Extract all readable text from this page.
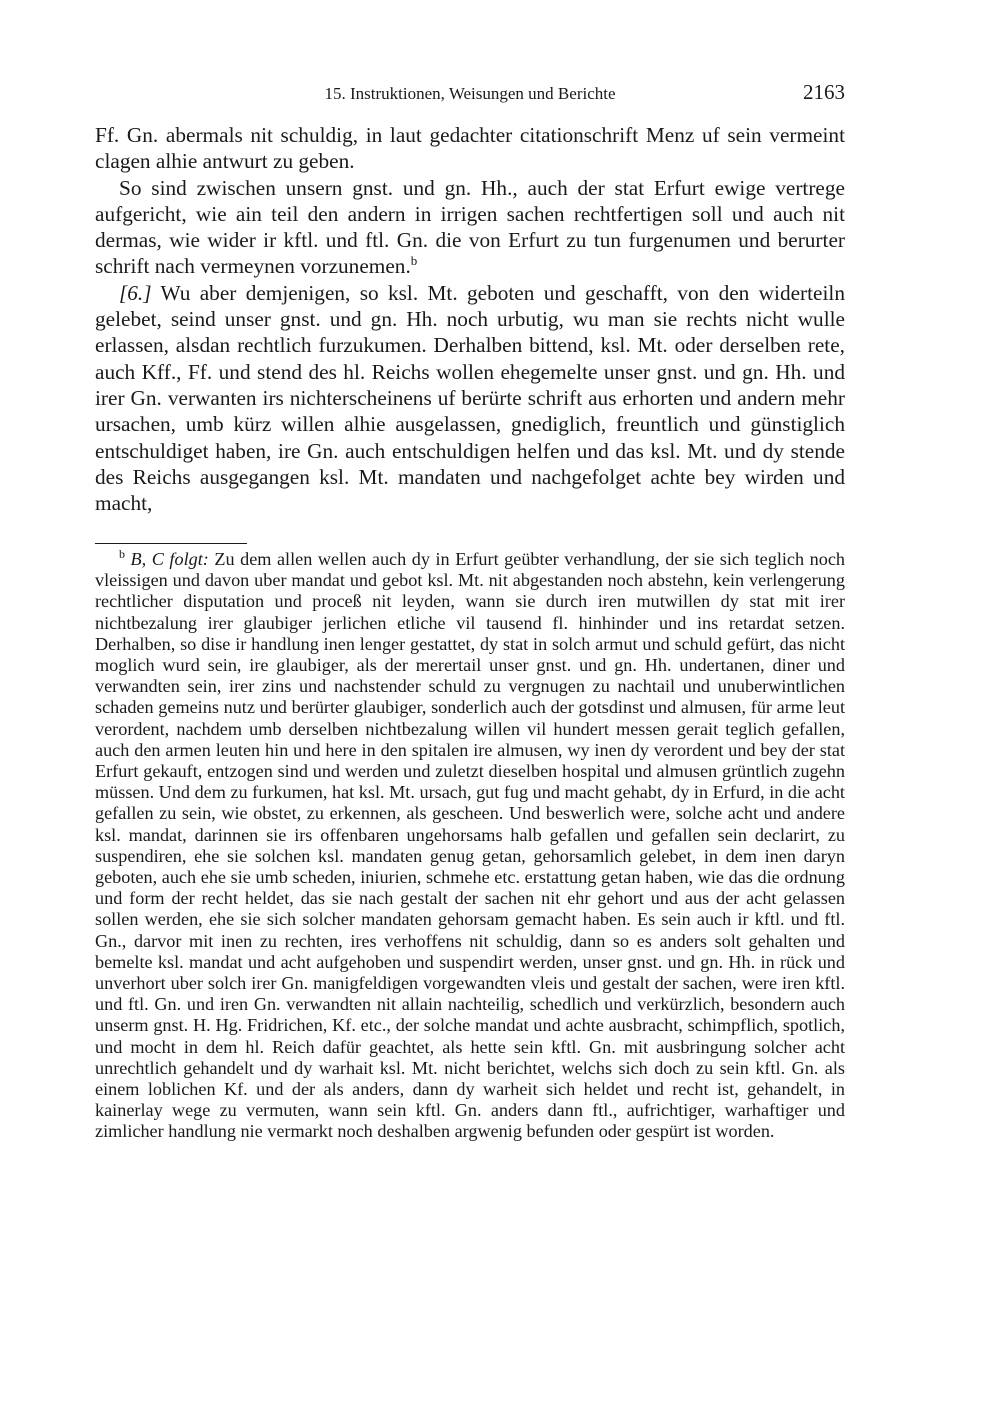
15. Instruktionen, Weisungen und Berichte	2163

Ff. Gn. abermals nit schuldig, in laut gedachter citationschrift Menz uf sein vermeint clagen alhie antwurt zu geben.

So sind zwischen unsern gnst. und gn. Hh., auch der stat Erfurt ewige vertrege aufgericht, wie ain teil den andern in irrigen sachen rechtfertigen soll und auch nit dermas, wie wider ir kftl. und ftl. Gn. die von Erfurt zu tun furgenumen und berurter schrift nach vermeynen vorzunemen.$^b$

[6.] Wu aber demjenigen, so ksl. Mt. geboten und geschafft, von den widerteiln gelebet, seind unser gnst. und gn. Hh. noch urbutig, wu man sie rechts nicht wulle erlassen, alsdan rechtlich furzukumen. Derhalben bittend, ksl. Mt. oder derselben rete, auch Kff., Ff. und stend des hl. Reichs wollen ehegemelte unser gnst. und gn. Hh. und irer Gn. verwanten irs nichterscheinens uf berürte schrift aus erhorten und andern mehr ursachen, umb kürz willen alhie ausgelassen, gnediglich, freuntlich und günstiglich entschuldiget haben, ire Gn. auch entschuldigen helfen und das ksl. Mt. und dy stende des Reichs ausgegangen ksl. Mt. mandaten und nachgefolget achte bey wirden und macht,

$^b$ B, C folgt: Zu dem allen wellen auch dy in Erfurt geübter verhandlung, der sie sich teglich noch vleissigen und davon uber mandat und gebot ksl. Mt. nit abgestanden noch abstehn, kein verlengerung rechtlicher disputation und proceß nit leyden, wann sie durch iren mutwillen dy stat mit irer nichtbezalung irer glaubiger jerlichen etliche vil tausend fl. hinhinder und ins retardat setzen. Derhalben, so dise ir handlung inen lenger gestattet, dy stat in solch armut und schuld gefürt, das nicht moglich wurd sein, ire glaubiger, als der merertail unser gnst. und gn. Hh. undertanen, diner und verwandten sein, irer zins und nachstender schuld zu vergnugen zu nachtail und unuberwintlichen schaden gemeins nutz und berürter glaubiger, sonderlich auch der gotsdinst und almusen, für arme leut verordent, nachdem umb derselben nichtbezalung willen vil hundert messen gerait teglich gefallen, auch den armen leuten hin und here in den spitalen ire almusen, wy inen dy verordent und bey der stat Erfurt gekauft, entzogen sind und werden und zuletzt dieselben hospital und almusen grüntlich zugehn müssen. Und dem zu furkumen, hat ksl. Mt. ursach, gut fug und macht gehabt, dy in Erfurd, in die acht gefallen zu sein, wie obstet, zu erkennen, als gescheen. Und beswerlich were, solche acht und andere ksl. mandat, darinnen sie irs offenbaren ungehorsams halb gefallen und gefallen sein declarirt, zu suspendiren, ehe sie solchen ksl. mandaten genug getan, gehorsamlich gelebet, in dem inen daryn geboten, auch ehe sie umb scheden, iniurien, schmehe etc. erstattung getan haben, wie das die ordnung und form der recht heldet, das sie nach gestalt der sachen nit ehr gehort und aus der acht gelassen sollen werden, ehe sie sich solcher mandaten gehorsam gemacht haben. Es sein auch ir kftl. und ftl. Gn., darvor mit inen zu rechten, ires verhoffens nit schuldig, dann so es anders solt gehalten und bemelte ksl. mandat und acht aufgehoben und suspendirt werden, unser gnst. und gn. Hh. in rück und unverhort uber solch irer Gn. manigfeldigen vorgewandten vleis und gestalt der sachen, were iren kftl. und ftl. Gn. und iren Gn. verwandten nit allain nachteilig, schedlich und verkürzlich, besondern auch unserm gnst. H. Hg. Fridrichen, Kf. etc., der solche mandat und achte ausbracht, schimpflich, spotlich, und mocht in dem hl. Reich dafür geachtet, als hette sein kftl. Gn. mit ausbringung solcher acht unrechtlich gehandelt und dy warhait ksl. Mt. nicht berichtet, welchs sich doch zu sein kftl. Gn. als einem loblichen Kf. und der als anders, dann dy warheit sich heldet und recht ist, gehandelt, in kainerlay wege zu vermuten, wann sein kftl. Gn. anders dann ftl., aufrichtiger, warhaftiger und zimlicher handlung nie vermarkt noch deshalben argwenig befunden oder gespürt ist worden.
